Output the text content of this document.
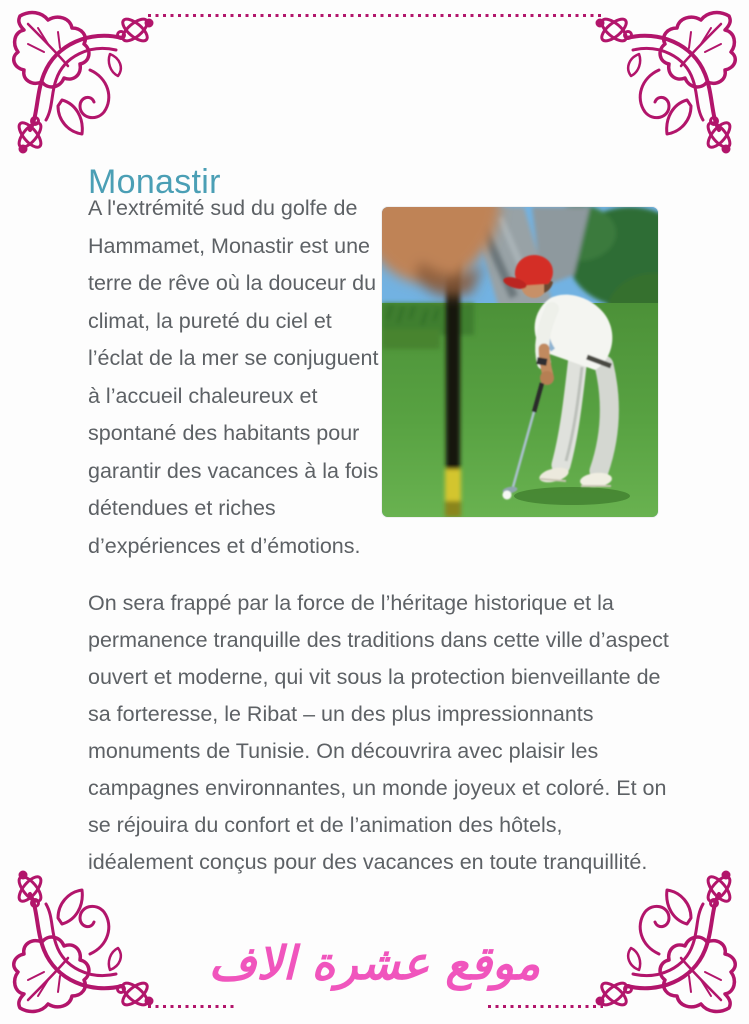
Monastir
A l'extrémité sud du golfe de Hammamet, Monastir est une terre de rêve où la douceur du climat, la pureté du ciel et l’éclat de la mer se conjuguent à l’accueil chaleureux et spontané des habitants pour garantir des vacances à la fois détendues et riches d’expériences et d’émotions.
On sera frappé par la force de l’héritage historique et la permanence tranquille des traditions dans cette ville d’aspect ouvert et moderne, qui vit sous la protection bienveillante de sa forteresse, le Ribat – un des plus impressionnants monuments de Tunisie. On découvrira avec plaisir les campagnes environnantes, un monde joyeux et coloré. Et on se réjouira du confort et de l’animation des hôtels, idéalement conçus pour des vacances en toute tranquillité.
موقع عشرة الاف
